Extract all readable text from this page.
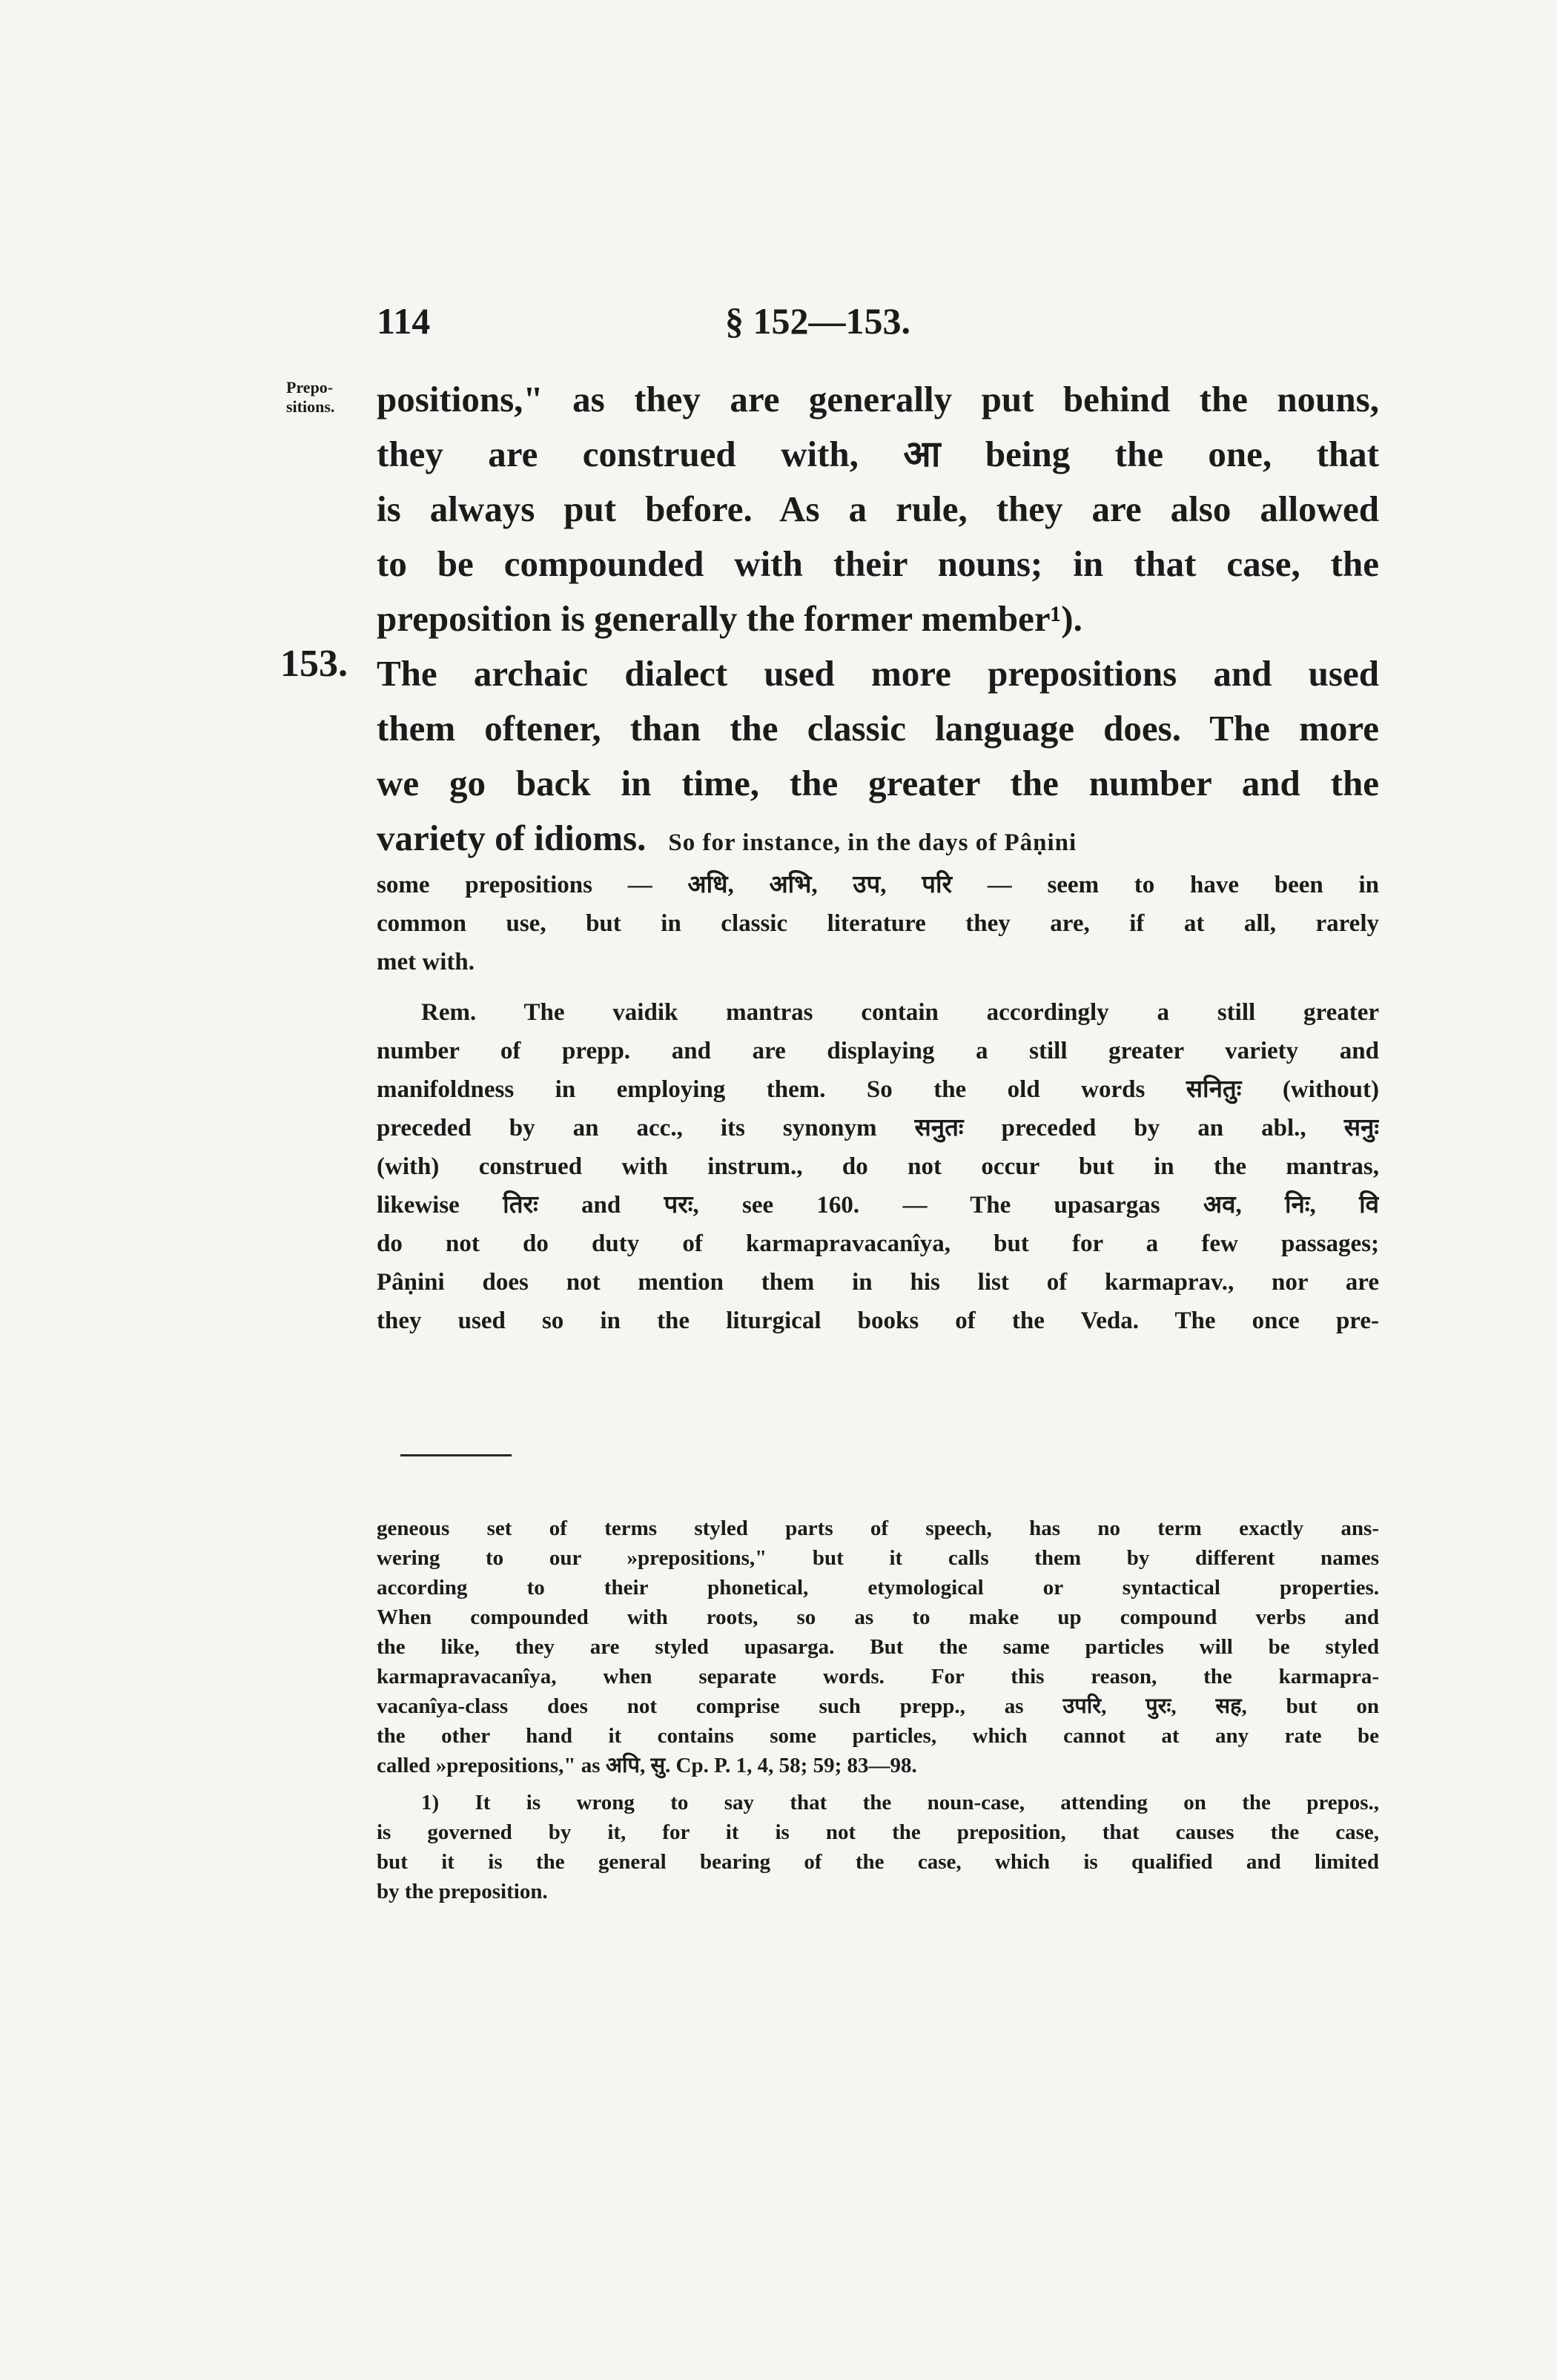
114	§ 152—153.
Prepo-sitions.
153.
positions," as they are generally put behind the nouns,
they are construed with, आ being the one, that
is always put before. As a rule, they are also allowed
to be compounded with their nouns; in that case, the
preposition is generally the former member¹).
The archaic dialect used more prepositions and used
them oftener, than the classic language does. The more
we go back in time, the greater the number and the
variety of idioms. So for instance, in the days of Pâṇini
some prepositions — अधि, अभि, उप, परि — seem to have been in
common use, but in classic literature they are, if at all, rarely
met with.
Rem. The vaidik mantras contain accordingly a still greater
number of prepp. and are displaying a still greater variety and
manifoldness in employing them. So the old words सनितुः (without)
preceded by an acc., its synonym सनुतः preceded by an abl., सनुः
(with) construed with instrum., do not occur but in the mantras,
likewise तिरः and परः, see 160. — The upasargas अव, निः, वि
do not do duty of karmapravacanîya, but for a few passages;
Pâṇini does not mention them in his list of karmaprav., nor are
they used so in the liturgical books of the Veda. The once pre-
geneous set of terms styled parts of speech, has no term exactly ans-
wering to our »prepositions," but it calls them by different names
according to their phonetical, etymological or syntactical properties.
When compounded with roots, so as to make up compound verbs and
the like, they are styled upasarga. But the same particles will be styled
karmapravacanîya, when separate words. For this reason, the karmapra-
vacanîya-class does not comprise such prepp., as उपरि, पुरः, सह, but on
the other hand it contains some particles, which cannot at any rate be
called »prepositions," as अपि, सु. Cp. P. 1, 4, 58; 59; 83—98.
1) It is wrong to say that the noun-case, attending on the prepos.,
is governed by it, for it is not the preposition, that causes the case,
but it is the general bearing of the case, which is qualified and limited
by the preposition.
